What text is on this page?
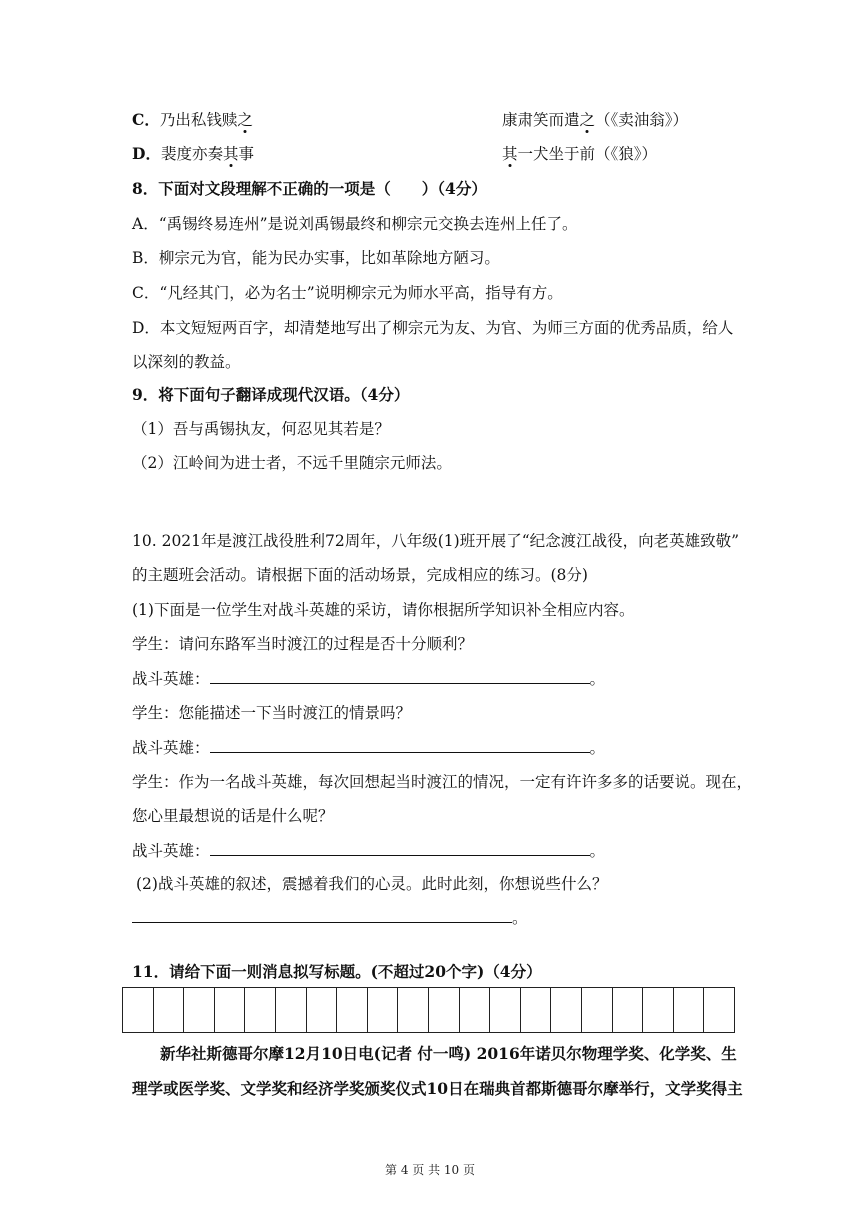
C．乃出私钱赎之	康肃笑而遣之（《卖油翁》）
D．裴度亦奏其事	其一犬坐于前（《狼》）
8．下面对文段理解不正确的一项是（　　）（4分）
A．“禹锡终易连州”是说刘禹锡最终和柳宗元交换去连州上任了。
B．柳宗元为官，能为民办实事，比如革除地方陋习。
C．“凡经其门，必为名士”说明柳宗元为师水平高，指导有方。
D．本文短短两百字，却清楚地写出了柳宗元为友、为官、为师三方面的优秀品质，给人
以深刻的教益。
9．将下面句子翻译成现代汉语。（4分）
（1）吾与禹锡执友，何忍见其若是？
（2）江岭间为进士者，不远千里随宗元师法。
10. 2021年是渡江战役胜利72周年，八年级(1)班开展了“纪念渡江战役，向老英雄致敬”
的主题班会活动。请根据下面的活动场景，完成相应的练习。(8分)
(1)下面是一位学生对战斗英雄的采访，请你根据所学知识补全相应内容。
学生：请问东路军当时渡江的过程是否十分顺利？
战斗英雄：	。
学生：您能描述一下当时渡江的情景吗？
战斗英雄：	。
学生：作为一名战斗英雄，每次回想起当时渡江的情况，一定有许许多多的话要说。现在，
您心里最想说的话是什么呢？
战斗英雄：	。
(2)战斗英雄的叙述，震撼着我们的心灵。此时此刻，你想说些什么？
。
11．请给下面一则消息拟写标题。(不超过20个字)（4分）
新华社斯德哥尔摩12月10日电(记者 付一鸣) 2016年诺贝尔物理学奖、化学奖、生
理学或医学奖、文学奖和经济学奖颁奖仪式10日在瑞典首都斯德哥尔摩举行，文学奖得主
第 4 页 共 10 页
